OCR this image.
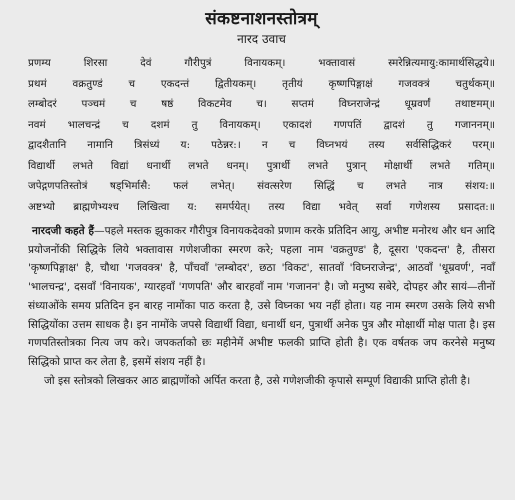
संकष्टनाशनस्तोत्रम्
नारद उवाच
प्रणम्य शिरसा देवं गौरीपुत्रं विनायकम्। भक्तावासं स्मरेन्नित्यमायु:कामार्थसिद्धये॥
प्रथमं वक्रतुण्डं च एकदन्तं द्वितीयकम्। तृतीयं कृष्णपिङ्गाक्षं गजवक्त्रं चतुर्थकम्॥
लम्बोदरं पञ्चमं च षष्ठं विकटमेव च। सप्तमं विघ्नराजेन्द्रं धूम्रवर्णं तथाष्टमम्॥
नवमं भालचन्द्रं च दशमं तु विनायकम्। एकादशं गणपतिं द्वादशं तु गजाननम्॥
द्वादशैतानि नामानि त्रिसंध्यं य: पठेन्नर:। न च विघ्नभयं तस्य सर्वसिद्धिकरं परम्॥
विद्यार्थी लभते विद्यां धनार्थी लभते धनम्। पुत्रार्थी लभते पुत्रान् मोक्षार्थी लभते गतिम्॥
जपेद्गणपतिस्तोत्रं षड्भिर्मासै: फलं लभेत्। संवत्सरेण सिद्धिं च लभते नात्र संशय:॥
अष्टभ्यो ब्राह्मणेभ्यश्च लिखित्वा य: समर्पयेत्। तस्य विद्या भवेत् सर्वा गणेशस्य प्रसादत:॥

नारदजी कहते हैं—पहले मस्तक झुकाकर गौरीपुत्र विनायकदेवको प्रणाम करके प्रतिदिन आयु, अभीष्ट मनोरथ और धन आदि प्रयोजनोंकी सिद्धिके लिये भक्तावास गणेशजीका स्मरण करे; पहला नाम 'वक्रतुण्ड' है, दूसरा 'एकदन्त' है, तीसरा 'कृष्णपिङ्गाक्ष' है, चौथा 'गजवक्त्र' है, पाँचवाँ 'लम्बोदर', छठा 'विकट', सातवाँ 'विघ्नराजेन्द्र', आठवाँ 'धूम्रवर्ण', नवाँ 'भालचन्द्र', दसवाँ 'विनायक', ग्यारहवाँ 'गणपति' और बारहवाँ नाम 'गजानन' है। जो मनुष्य सबेरे, दोपहर और सायं—तीनों संध्याओंके समय प्रतिदिन इन बारह नामोंका पाठ करता है, उसे विघ्नका भय नहीं होता। यह नाम स्मरण उसके लिये सभी सिद्धियोंका उत्तम साधक है। इन नामोंके जपसे विद्यार्थी विद्या, धनार्थी धन, पुत्रार्थी अनेक पुत्र और मोक्षार्थी मोक्ष पाता है। इस गणपतिस्तोत्रका नित्य जप करे। जपकर्ताको छः महीनेमें अभीष्ट फलकी प्राप्ति होती है। एक वर्षतक जप करनेसे मनुष्य सिद्धिको प्राप्त कर लेता है, इसमें संशय नहीं है।

जो इस स्तोत्रको लिखकर आठ ब्राह्मणोंको अर्पित करता है, उसे गणेशजीकी कृपासे सम्पूर्ण विद्याकी प्राप्ति होती है।
